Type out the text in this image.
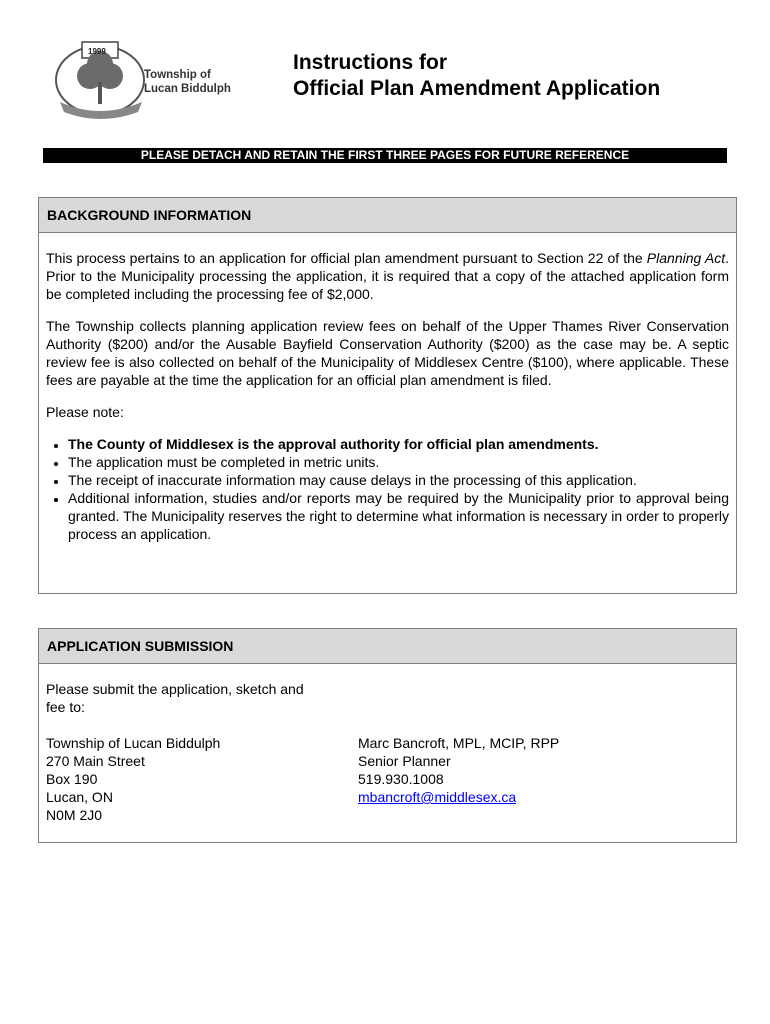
1999
Township of
Lucan Biddulph
Instructions for
Official Plan Amendment Application
PLEASE DETACH AND RETAIN THE FIRST THREE PAGES FOR FUTURE REFERENCE
BACKGROUND INFORMATION

This process pertains to an application for official plan amendment pursuant to Section 22 of the Planning Act. Prior to the Municipality processing the application, it is required that a copy of the attached application form be completed including the processing fee of $2,000.

The Township collects planning application review fees on behalf of the Upper Thames River Conservation Authority ($200) and/or the Ausable Bayfield Conservation Authority ($200) as the case may be. A septic review fee is also collected on behalf of the Municipality of Middlesex Centre ($100), where applicable. These fees are payable at the time the application for an official plan amendment is filed.

Please note:

• The County of Middlesex is the approval authority for official plan amendments.
• The application must be completed in metric units.
• The receipt of inaccurate information may cause delays in the processing of this application.
• Additional information, studies and/or reports may be required by the Municipality prior to approval being granted. The Municipality reserves the right to determine what information is necessary in order to properly process an application.
APPLICATION SUBMISSION

Please submit the application, sketch and
fee to:

Township of Lucan Biddulph
270 Main Street
Box 190
Lucan, ON
N0M 2J0
Marc Bancroft, MPL, MCIP, RPP
Senior Planner
519.930.1008
mbancroft@middlesex.ca
